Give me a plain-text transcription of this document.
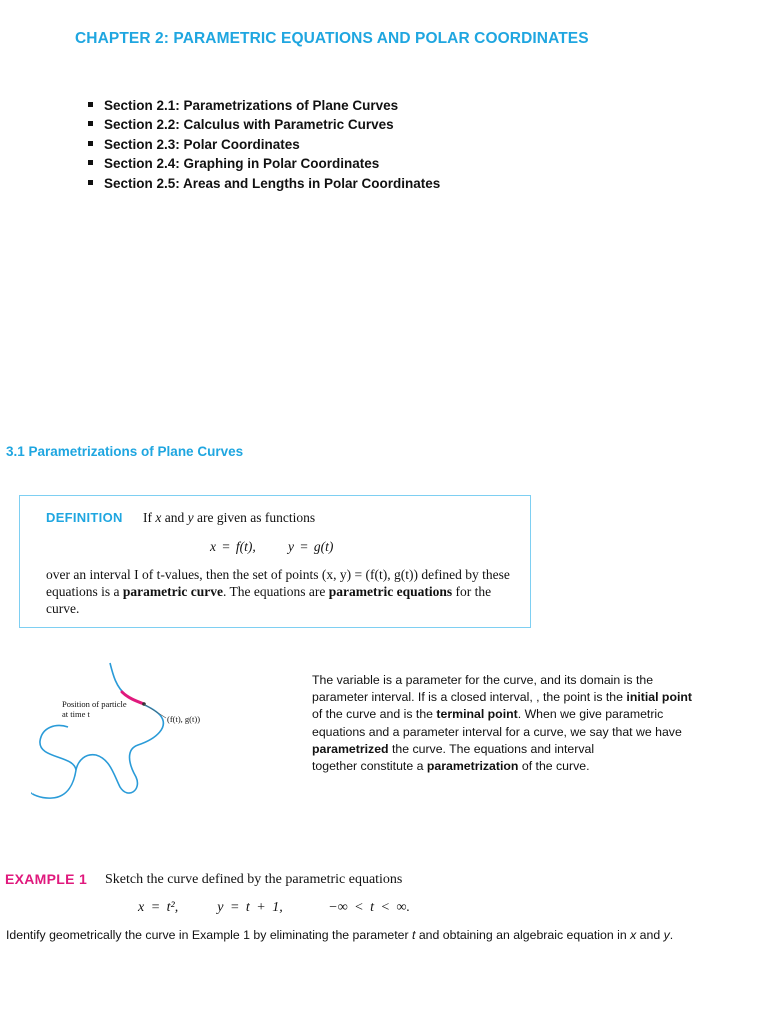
CHAPTER 2: PARAMETRIC EQUATIONS AND POLAR COORDINATES
Section 2.1: Parametrizations of Plane Curves
Section 2.2: Calculus with Parametric Curves
Section 2.3: Polar Coordinates
Section 2.4: Graphing in Polar Coordinates
Section 2.5: Areas and Lengths in Polar Coordinates
3.1 Parametrizations of Plane Curves
DEFINITION If x and y are given as functions
x = f(t), y = g(t)
over an interval I of t-values, then the set of points (x, y) = (f(t), g(t)) defined by these equations is a parametric curve. The equations are parametric equations for the curve.
Position of particle
at time t	(f(t), g(t))

The variable is a parameter for the curve, and its domain is the parameter interval. If is a closed interval, , the point is the initial point of the curve and is the terminal point. When we give parametric equations and a parameter interval for a curve, we say that we have parametrized the curve. The equations and interval

together constitute a parametrization of the curve.

EXAMPLE 1 Sketch the curve defined by the parametric equations
x = t²,	y = t + 1,	−∞ < t < ∞.
Identify geometrically the curve in Example 1 by eliminating the parameter t and obtaining an algebraic equation in x and y.
